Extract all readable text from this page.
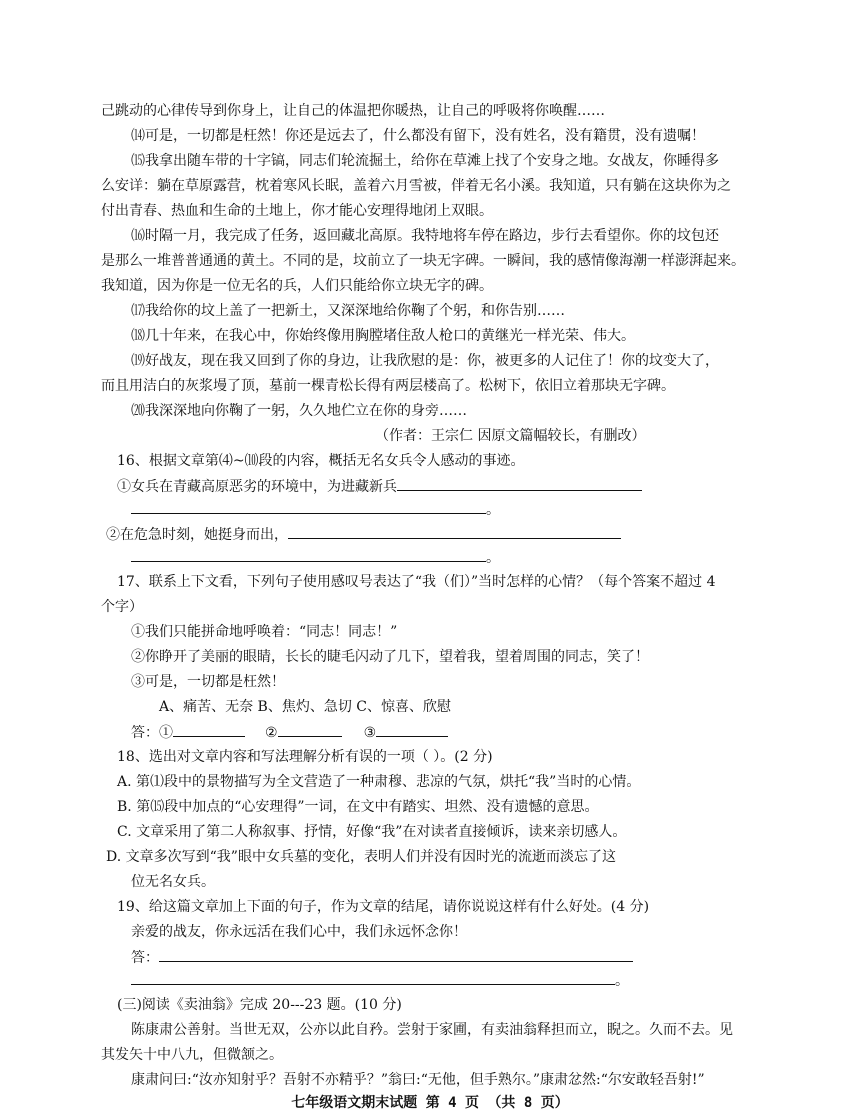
己跳动的心律传导到你身上，让自己的体温把你暖热，让自己的呼吸将你唤醒……
⒁可是，一切都是枉然！你还是远去了，什么都没有留下，没有姓名，没有籍贯，没有遗嘱！
⒂我拿出随车带的十字镐，同志们轮流掘土，给你在草滩上找了个安身之地。女战友，你睡得多
么安详：躺在草原露营，枕着寒风长眠，盖着六月雪被，伴着无名小溪。我知道，只有躺在这块你为之
付出青春、热血和生命的土地上，你才能心安理得地闭上双眼。
⒃时隔一月，我完成了任务，返回藏北高原。我特地将车停在路边，步行去看望你。你的坟包还
是那么一堆普普通通的黄土。不同的是，坟前立了一块无字碑。一瞬间，我的感情像海潮一样澎湃起来。
我知道，因为你是一位无名的兵，人们只能给你立块无字的碑。
⒄我给你的坟上盖了一把新土，又深深地给你鞠了个躬，和你告别……
⒅几十年来，在我心中，你始终像用胸膛堵住敌人枪口的黄继光一样光荣、伟大。
⒆好战友，现在我又回到了你的身边，让我欣慰的是：你，被更多的人记住了！你的坟变大了，
而且用洁白的灰浆墁了顶，墓前一棵青松长得有两层楼高了。松树下，依旧立着那块无字碑。
⒇我深深地向你鞠了一躬，久久地伫立在你的身旁……
（作者：王宗仁 因原文篇幅较长，有删改）
16、根据文章第⑷~⑽段的内容，概括无名女兵令人感动的事迹。
①女兵在青藏高原恶劣的环境中，为进藏新兵
。
②在危急时刻，她挺身而出，
。
17、联系上下文看，下列句子使用感叹号表达了“我（们）”当时怎样的心情？（每个答案不超过 4
个字）
①我们只能拼命地呼唤着：“同志！同志！”
②你睁开了美丽的眼睛，长长的睫毛闪动了几下，望着我，望着周围的同志，笑了！
③可是，一切都是枉然！
A、痛苦、无奈 B、焦灼、急切 C、惊喜、欣慰
答：①	②	③
18、选出对文章内容和写法理解分析有误的一项（ ）。(2 分)
A. 第⑴段中的景物描写为全文营造了一种肃穆、悲凉的气氛，烘托“我”当时的心情。
B. 第⒂段中加点的“心安理得”一词，在文中有踏实、坦然、没有遗憾的意思。
C. 文章采用了第二人称叙事、抒情，好像“我”在对读者直接倾诉，读来亲切感人。
D. 文章多次写到“我”眼中女兵墓的变化，表明人们并没有因时光的流逝而淡忘了这
位无名女兵。
19、给这篇文章加上下面的句子，作为文章的结尾，请你说说这样有什么好处。(4 分)
亲爱的战友，你永远活在我们心中，我们永远怀念你！
答：
。
(三)阅读《卖油翁》完成 20---23 题。(10 分)
陈康肃公善射。当世无双，公亦以此自矜。尝射于家圃，有卖油翁释担而立，睨之。久而不去。见
其发矢十中八九，但微颔之。
康肃问曰:“汝亦知射乎？吾射不亦精乎？”翁曰:“无他，但手熟尔。”康肃忿然:“尔安敢轻吾射!”
七年级语文期末试题 第 4 页 （共 8 页）
